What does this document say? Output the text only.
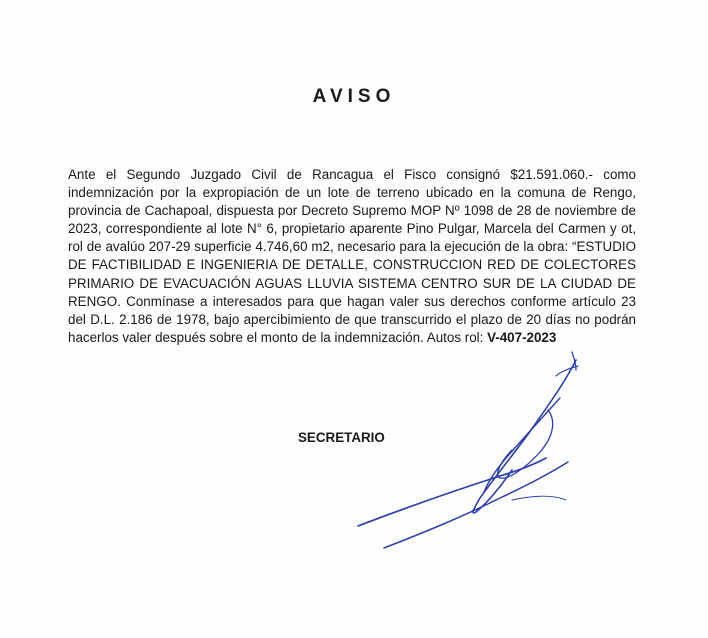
AVISO

Ante el Segundo Juzgado Civil de Rancagua el Fisco consignó $21.591.060.- como indemnización por la expropiación de un lote de terreno ubicado en la comuna de Rengo, provincia de Cachapoal, dispuesta por Decreto Supremo MOP Nº 1098 de 28 de noviembre de 2023, correspondiente al lote N° 6, propietario aparente Pino Pulgar, Marcela del Carmen y ot, rol de avalúo 207-29 superficie 4.746,60 m2, necesario para la ejecución de la obra: “ESTUDIO DE FACTIBILIDAD E INGENIERIA DE DETALLE, CONSTRUCCION RED DE COLECTORES PRIMARIO DE EVACUACIÓN AGUAS LLUVIA SISTEMA CENTRO SUR DE LA CIUDAD DE RENGO. Conmínase a interesados para que hagan valer sus derechos conforme artículo 23 del D.L. 2.186 de 1978, bajo apercibimiento de que transcurrido el plazo de 20 días no podrán hacerlos valer después sobre el monto de la indemnización. Autos rol: V-407-2023

SECRETARIO
